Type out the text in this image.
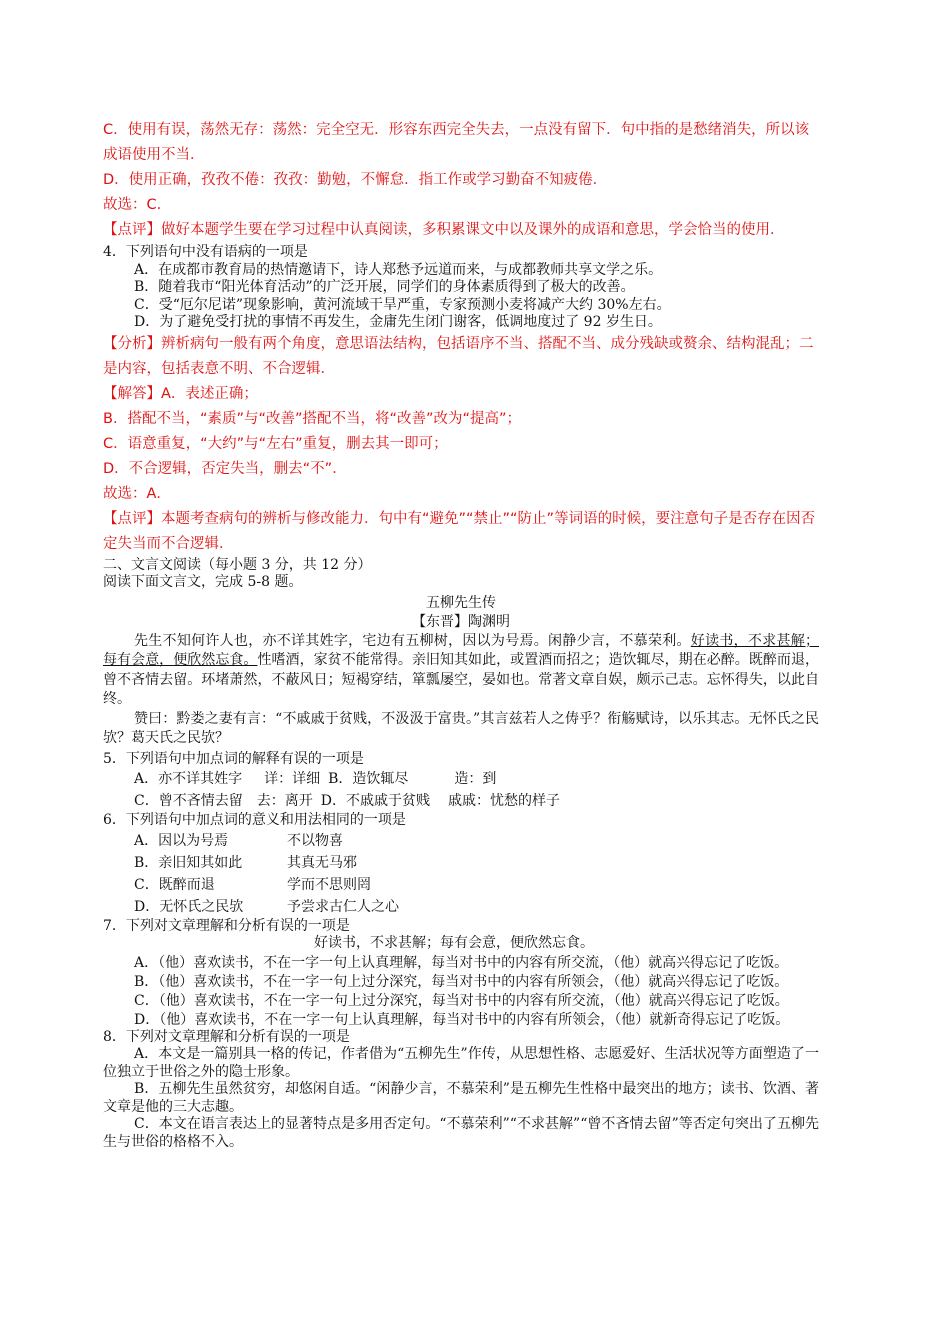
C．使用有误，荡然无存：荡然：完全空无．形容东西完全失去，一点没有留下．句中指的是愁绪消失，所以该成语使用不当．

D．使用正确，孜孜不倦：孜孜：勤勉，不懈怠．指工作或学习勤奋不知疲倦．

故选：C．

【点评】做好本题学生要在学习过程中认真阅读，多积累课文中以及课外的成语和意思，学会恰当的使用．

4．下列语句中没有语病的一项是

A．在成都市教育局的热情邀请下，诗人郑愁予远道而来，与成都教师共享文学之乐。

B．随着我市“阳光体育活动”的广泛开展，同学们的身体素质得到了极大的改善。

C．受“厄尔尼诺”现象影响，黄河流域干旱严重，专家预测小麦将减产大约 30%左右。

D．为了避免受打扰的事情不再发生，金庸先生闭门谢客，低调地度过了 92 岁生日。

【分析】辨析病句一般有两个角度，意思语法结构，包括语序不当、搭配不当、成分残缺或赘余、结构混乱；二是内容，包括表意不明、不合逻辑．

【解答】A．表述正确；

B．搭配不当，“素质”与“改善”搭配不当，将“改善”改为“提高”；

C．语意重复，“大约”与“左右”重复，删去其一即可；

D．不合逻辑，否定失当，删去“不”．

故选：A．

【点评】本题考查病句的辨析与修改能力．句中有“避免”“禁止”“防止”等词语的时候，要注意句子是否存在因否定失当而不合逻辑．

二、文言文阅读（每小题 3 分，共 12 分）

阅读下面文言文，完成 5-8 题。

五柳先生传

【东晋】陶渊明

先生不知何许人也，亦不详其姓字，宅边有五柳树，因以为号焉。闲静少言，不慕荣利。好读书，不求甚解；每有会意，便欣然忘食。性嗜酒，家贫不能常得。亲旧知其如此，或置酒而招之；造饮辄尽，期在必醉。既醉而退，曾不吝情去留。环堵萧然，不蔽风日；短褐穿结，箪瓢屡空，晏如也。常著文章自娱，颇示己志。忘怀得失，以此自终。

赞曰：黔娄之妻有言：“不戚戚于贫贱，不汲汲于富贵。”其言兹若人之俦乎？衔觞赋诗，以乐其志。无怀氏之民欤？葛天氏之民欤？

5．下列语句中加点词的解释有误的一项是

A．亦不详其姓字 详：详细 B．造饮辄尽	造：到

C．曾不吝情去留 去：离开 D．不戚戚于贫贱 戚戚：忧愁的样子

6．下列语句中加点词的意义和用法相同的一项是

A．因以为号焉	不以物喜

B．亲旧知其如此	其真无马邪

C．既醉而退	学而不思则罔

D．无怀氏之民欤	予尝求古仁人之心

7．下列对文章理解和分析有误的一项是

好读书，不求甚解；每有会意，便欣然忘食。

A．（他）喜欢读书，不在一字一句上认真理解，每当对书中的内容有所交流，（他）就高兴得忘记了吃饭。

B．（他）喜欢读书，不在一字一句上过分深究，每当对书中的内容有所领会，（他）就高兴得忘记了吃饭。

C．（他）喜欢读书，不在一字一句上过分深究，每当对书中的内容有所交流，（他）就高兴得忘记了吃饭。

D．（他）喜欢读书，不在一字一句上认真理解，每当对书中的内容有所领会，（他）就新奇得忘记了吃饭。

8．下列对文章理解和分析有误的一项是

A．本文是一篇别具一格的传记，作者借为“五柳先生”作传，从思想性格、志愿爱好、生活状况等方面塑造了一位独立于世俗之外的隐士形象。

B．五柳先生虽然贫穷，却悠闲自适。“闲静少言，不慕荣利”是五柳先生性格中最突出的地方；读书、饮酒、著文章是他的三大志趣。

C．本文在语言表达上的显著特点是多用否定句。“不慕荣利”“不求甚解”“曾不吝情去留”等否定句突出了五柳先生与世俗的格格不入。
